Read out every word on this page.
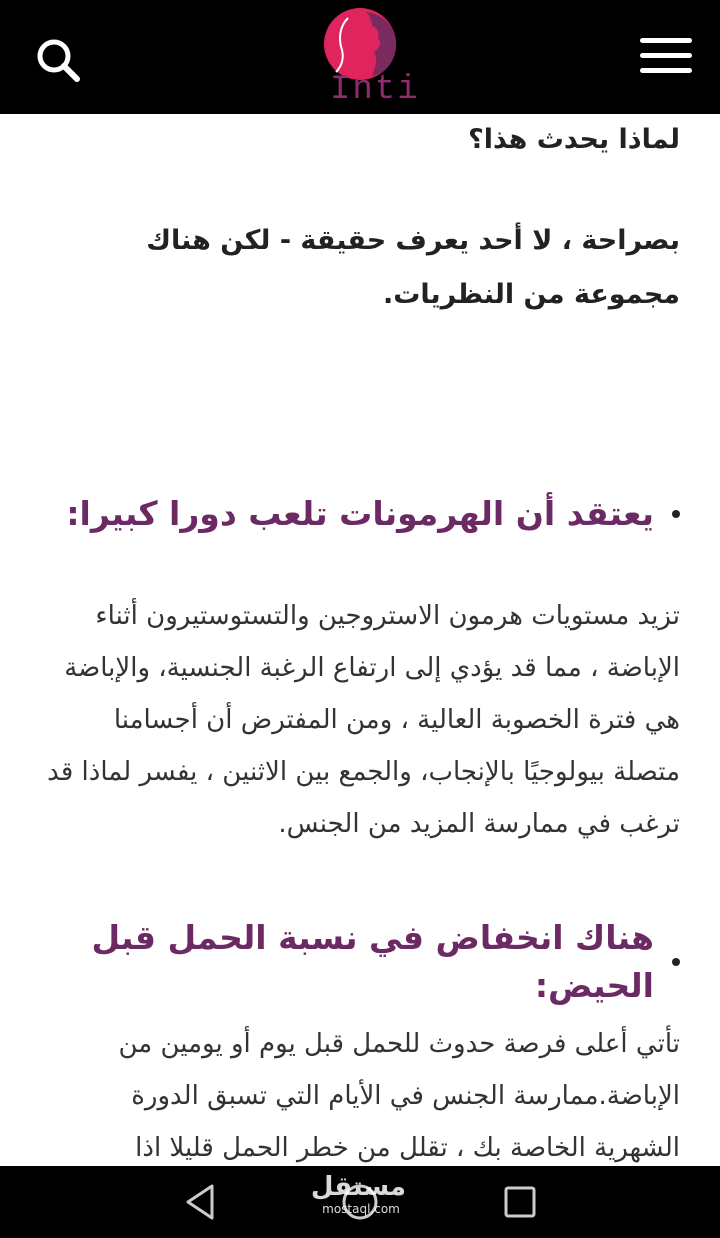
Inti

لماذا يحدث هذا؟

بصراحة ، لا أحد يعرف حقيقة - لكن هناك مجموعة من النظريات.

يعتقد أن الهرمونات تلعب دورا كبيرا:

تزيد مستويات هرمون الاستروجين والتستوستيرون أثناء الإباضة ، مما قد يؤدي إلى ارتفاع الرغبة الجنسية، والإباضة هي فترة الخصوبة العالية ، ومن المفترض أن أجسامنا متصلة بيولوجيًا بالإنجاب، والجمع بين الاثنين ، يفسر لماذا قد ترغب في ممارسة المزيد من الجنس.

هناك انخفاض في نسبة الحمل قبل الحيض:

تأتي أعلى فرصة حدوث للحمل قبل يوم أو يومين من الإباضة.ممارسة الجنس في الأيام التي تسبق الدورة الشهرية الخاصة بك ، تقلل من خطر الحمل قليلا اذا

مستقل
mostaql.com
